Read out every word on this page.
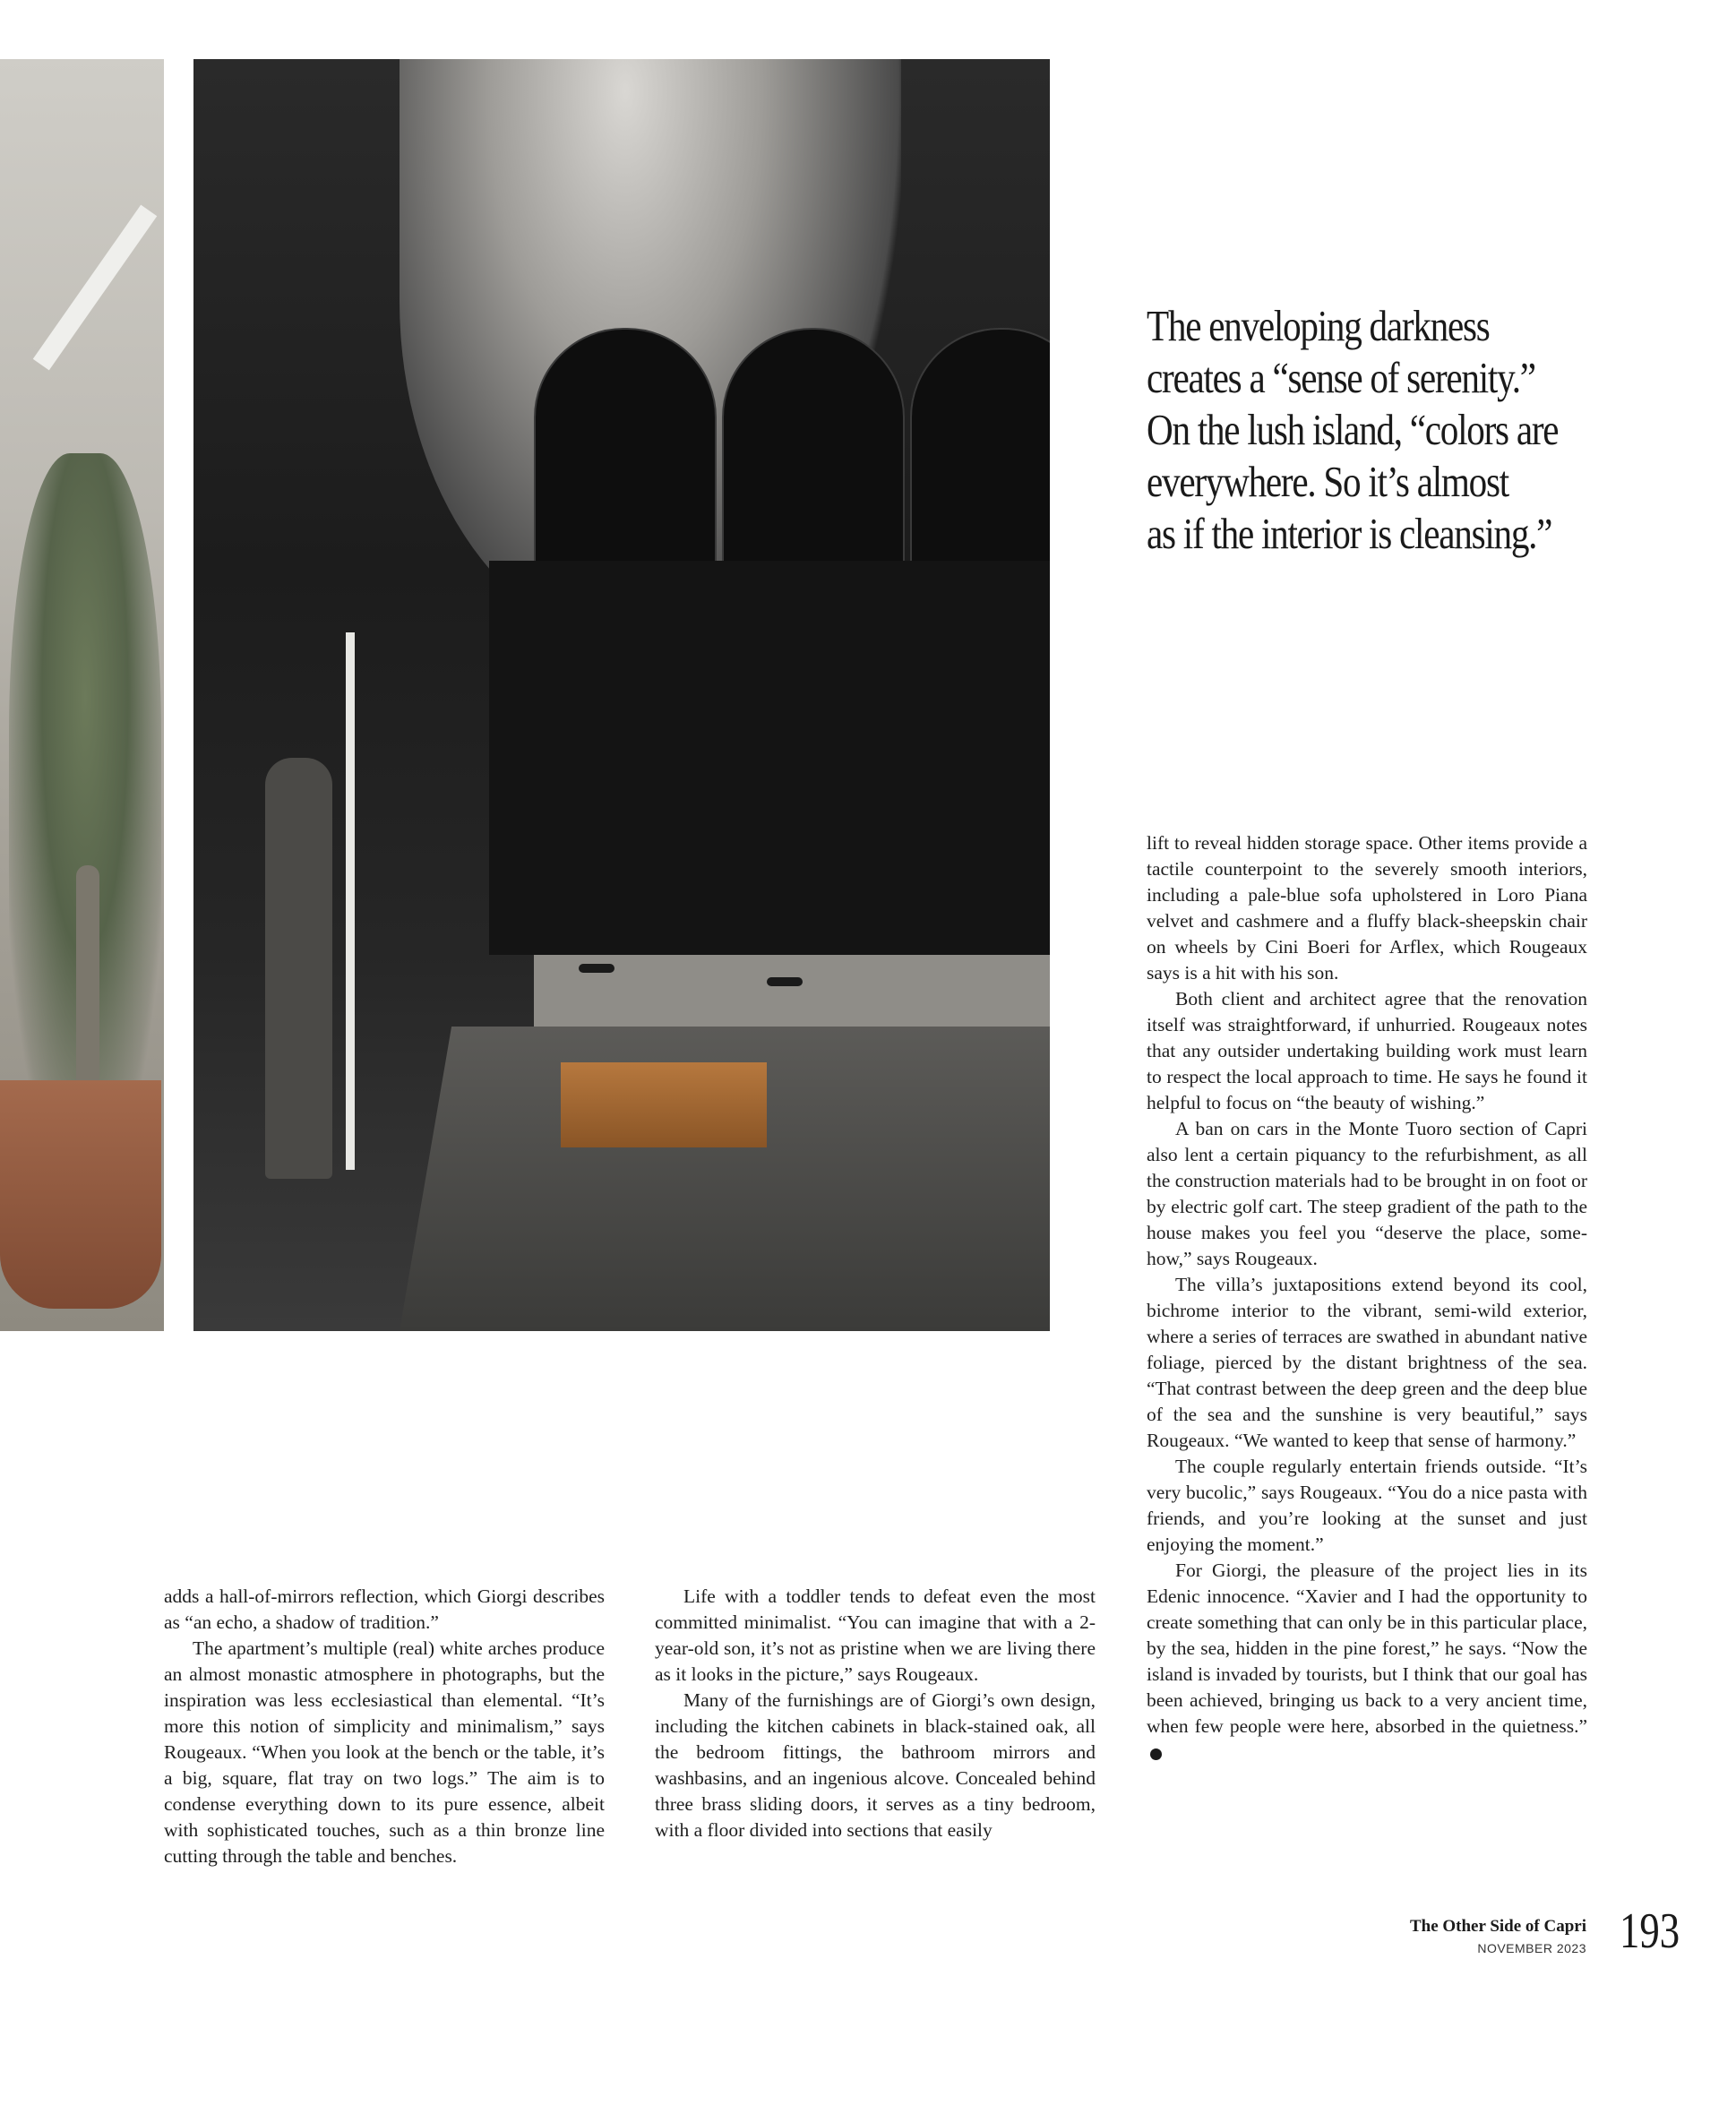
The enveloping darkness
creates a “sense of serenity.”
On the lush island, “colors are
everywhere. So it’s almost
as if the interior is cleansing.”

adds a hall-of-mirrors reflection, which Giorgi describes as “an echo, a shadow of tradition.”

The apartment’s multiple (real) white arches produce an almost monastic atmosphere in photographs, but the inspiration was less ecclesiastical than elemental. “It’s more this notion of simplicity and minimalism,” says Rougeaux. “When you look at the bench or the table, it’s a big, square, flat tray on two logs.” The aim is to condense everything down to its pure essence, albeit with sophisticated touches, such as a thin bronze line cutting through the table and benches.

Life with a toddler tends to defeat even the most committed minimalist. “You can imagine that with a 2-year-old son, it’s not as pristine when we are living there as it looks in the picture,” says Rougeaux.

Many of the furnishings are of Giorgi’s own design, including the kitchen cabinets in black-stained oak, all the bedroom fittings, the bathroom mirrors and washbasins, and an ingenious alcove. Concealed behind three brass sliding doors, it serves as a tiny bedroom, with a floor divided into sections that easily

lift to reveal hidden storage space. Other items provide a tactile counterpoint to the severely smooth interiors, including a pale-blue sofa upholstered in Loro Piana velvet and cashmere and a fluffy black-sheepskin chair on wheels by Cini Boeri for Arflex, which Rougeaux says is a hit with his son.

Both client and architect agree that the renovation itself was straightforward, if unhurried. Rougeaux notes that any outsider undertaking building work must learn to respect the local approach to time. He says he found it helpful to focus on “the beauty of wishing.”

A ban on cars in the Monte Tuoro section of Capri also lent a certain piquancy to the refurbishment, as all the construction materials had to be brought in on foot or by electric golf cart. The steep gradient of the path to the house makes you feel you “deserve the place, somehow,” says Rougeaux.

The villa’s juxtapositions extend beyond its cool, bichrome interior to the vibrant, semi-wild exterior, where a series of terraces are swathed in abundant native foliage, pierced by the distant brightness of the sea. “That contrast between the deep green and the deep blue of the sea and the sunshine is very beautiful,” says Rougeaux. “We wanted to keep that sense of harmony.”

The couple regularly entertain friends outside. “It’s very bucolic,” says Rougeaux. “You do a nice pasta with friends, and you’re looking at the sunset and just enjoying the moment.”

For Giorgi, the pleasure of the project lies in its Edenic innocence. “Xavier and I had the opportunity to create something that can only be in this particular place, by the sea, hidden in the pine forest,” he says. “Now the island is invaded by tourists, but I think that our goal has been achieved, bringing us back to a very ancient time, when few people were here, absorbed in the quietness.”

The Other Side of Capri
NOVEMBER 2023 193
